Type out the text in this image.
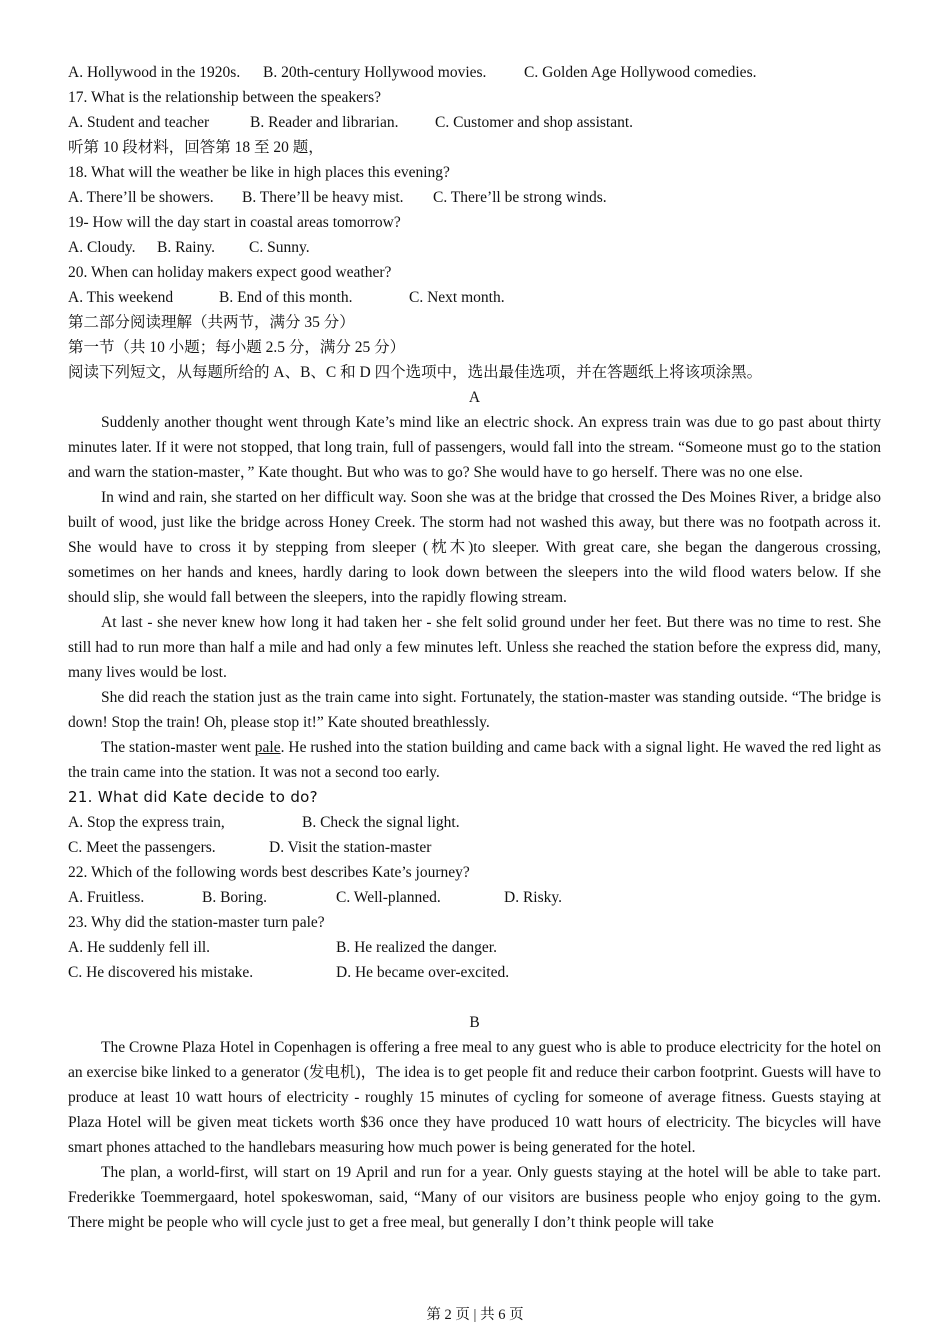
A. Hollywood in the 1920s. B. 20th-century Hollywood movies. C. Golden Age Hollywood comedies.
17. What is the relationship between the speakers?
A. Student and teacher	B. Reader and librarian. C. Customer and shop assistant.
听第 10 段材料，回答第 18 至 20 题，
18. What will the weather be like in high places this evening?
A. There’ll be showers. B. There’ll be heavy mist. C. There’ll be strong winds.
19- How will the day start in coastal areas tomorrow?
A. Cloudy. B. Rainy. C. Sunny.
20. When can holiday makers expect good weather?
A. This weekend	B. End of this month.	C. Next month.
第二部分阅读理解（共两节，满分 35 分）
第一节（共 10 小题；每小题 2.5 分，满分 25 分）
阅读下列短文，从每题所给的 A、B、C 和 D 四个选项中，选出最佳选项，并在答题纸上将该项涂黑。
A
Suddenly another thought went through Kate’s mind like an electric shock. An express train was due to go past about thirty minutes later. If it were not stopped, that long train, full of passengers, would fall into the stream. “Someone must go to the station and warn the station-master，” Kate thought. But who was to go? She would have to go herself. There was no one else.
In wind and rain, she started on her difficult way. Soon she was at the bridge that crossed the Des Moines River, a bridge also built of wood, just like the bridge across Honey Creek. The storm had not washed this away, but there was no footpath across it. She would have to cross it by stepping from sleeper (枕木)to sleeper. With great care, she began the dangerous crossing, sometimes on her hands and knees, hardly daring to look down between the sleepers into the wild flood waters below. If she should slip, she would fall between the sleepers, into the rapidly flowing stream.
At last - she never knew how long it had taken her - she felt solid ground under her feet. But there was no time to rest. She still had to run more than half a mile and had only a few minutes left. Unless she reached the station before the express did, many, many lives would be lost.
She did reach the station just as the train came into sight. Fortunately, the station-master was standing outside. “The bridge is down! Stop the train! Oh, please stop it!” Kate shouted breathlessly.
The station-master went pale. He rushed into the station building and came back with a signal light. He waved the red light as the train came into the station. It was not a second too early.
21. What did Kate decide to do?
A. Stop the express train,	B. Check the signal light.
C. Meet the passengers.	D. Visit the station-master
22. Which of the following words best describes Kate’s journey?
A. Fruitless.	B. Boring.	C. Well-planned.	D. Risky.
23. Why did the station-master turn pale?
A. He suddenly fell ill.	B. He realized the danger.
C. He discovered his mistake.	D. He became over-excited.
B
The Crowne Plaza Hotel in Copenhagen is offering a free meal to any guest who is able to produce electricity for the hotel on an exercise bike linked to a generator (发电机)，The idea is to get people fit and reduce their carbon footprint. Guests will have to produce at least 10 watt hours of electricity - roughly 15 minutes of cycling for someone of average fitness. Guests staying at Plaza Hotel will be given meat tickets worth $36 once they have produced 10 watt hours of electricity. The bicycles will have smart phones attached to the handlebars measuring how much power is being generated for the hotel.
The plan, a world-first, will start on 19 April and run for a year. Only guests staying at the hotel will be able to take part. Frederikke Toemmergaard, hotel spokeswoman, said, “Many of our visitors are business people who enjoy going to the gym. There might be people who will cycle just to get a free meal, but generally I don’t think people will take
第 2 页 | 共 6 页
